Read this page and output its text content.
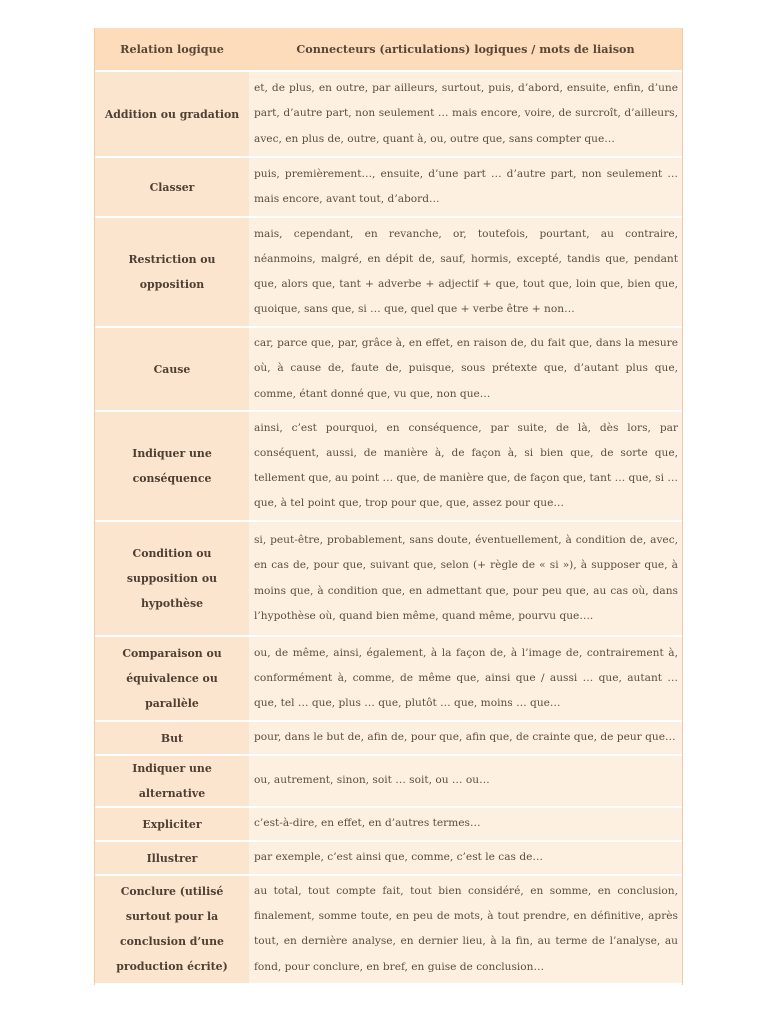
Relation logique	Connecteurs (articulations) logiques / mots de liaison
Addition ou gradation	et, de plus, en outre, par ailleurs, surtout, puis, d’abord, ensuite, enfin, d’une part, d’autre part, non seulement … mais encore, voire, de surcroît, d’ailleurs, avec, en plus de, outre, quant à, ou, outre que, sans compter que…
Classer	puis, premièrement…, ensuite, d’une part … d’autre part, non seulement … mais encore, avant tout, d’abord…
Restriction ou opposition	mais, cependant, en revanche, or, toutefois, pourtant, au contraire, néanmoins, malgré, en dépit de, sauf, hormis, excepté, tandis que, pendant que, alors que, tant + adverbe + adjectif + que, tout que, loin que, bien que, quoique, sans que, si … que, quel que + verbe être + non…
Cause	car, parce que, par, grâce à, en effet, en raison de, du fait que, dans la mesure où, à cause de, faute de, puisque, sous prétexte que, d’autant plus que, comme, étant donné que, vu que, non que…
Indiquer une conséquence	ainsi, c’est pourquoi, en conséquence, par suite, de là, dès lors, par conséquent, aussi, de manière à, de façon à, si bien que, de sorte que, tellement que, au point … que, de manière que, de façon que, tant … que, si … que, à tel point que, trop pour que, que, assez pour que…
Condition ou supposition ou hypothèse	si, peut-être, probablement, sans doute, éventuellement, à condition de, avec, en cas de, pour que, suivant que, selon (+ règle de « si »), à supposer que, à moins que, à condition que, en admettant que, pour peu que, au cas où, dans l’hypothèse où, quand bien même, quand même, pourvu que….
Comparaison ou équivalence ou parallèle	ou, de même, ainsi, également, à la façon de, à l’image de, contrairement à, conformément à, comme, de même que, ainsi que / aussi … que, autant … que, tel … que, plus … que, plutôt … que, moins … que…
But	pour, dans le but de, afin de, pour que, afin que, de crainte que, de peur que…
Indiquer une alternative	ou, autrement, sinon, soit … soit, ou … ou…
Expliciter	c’est-à-dire, en effet, en d’autres termes…
Illustrer	par exemple, c’est ainsi que, comme, c’est le cas de…
Conclure (utilisé surtout pour la conclusion d’une production écrite)	au total, tout compte fait, tout bien considéré, en somme, en conclusion, finalement, somme toute, en peu de mots, à tout prendre, en définitive, après tout, en dernière analyse, en dernier lieu, à la fin, au terme de l’analyse, au fond, pour conclure, en bref, en guise de conclusion…
